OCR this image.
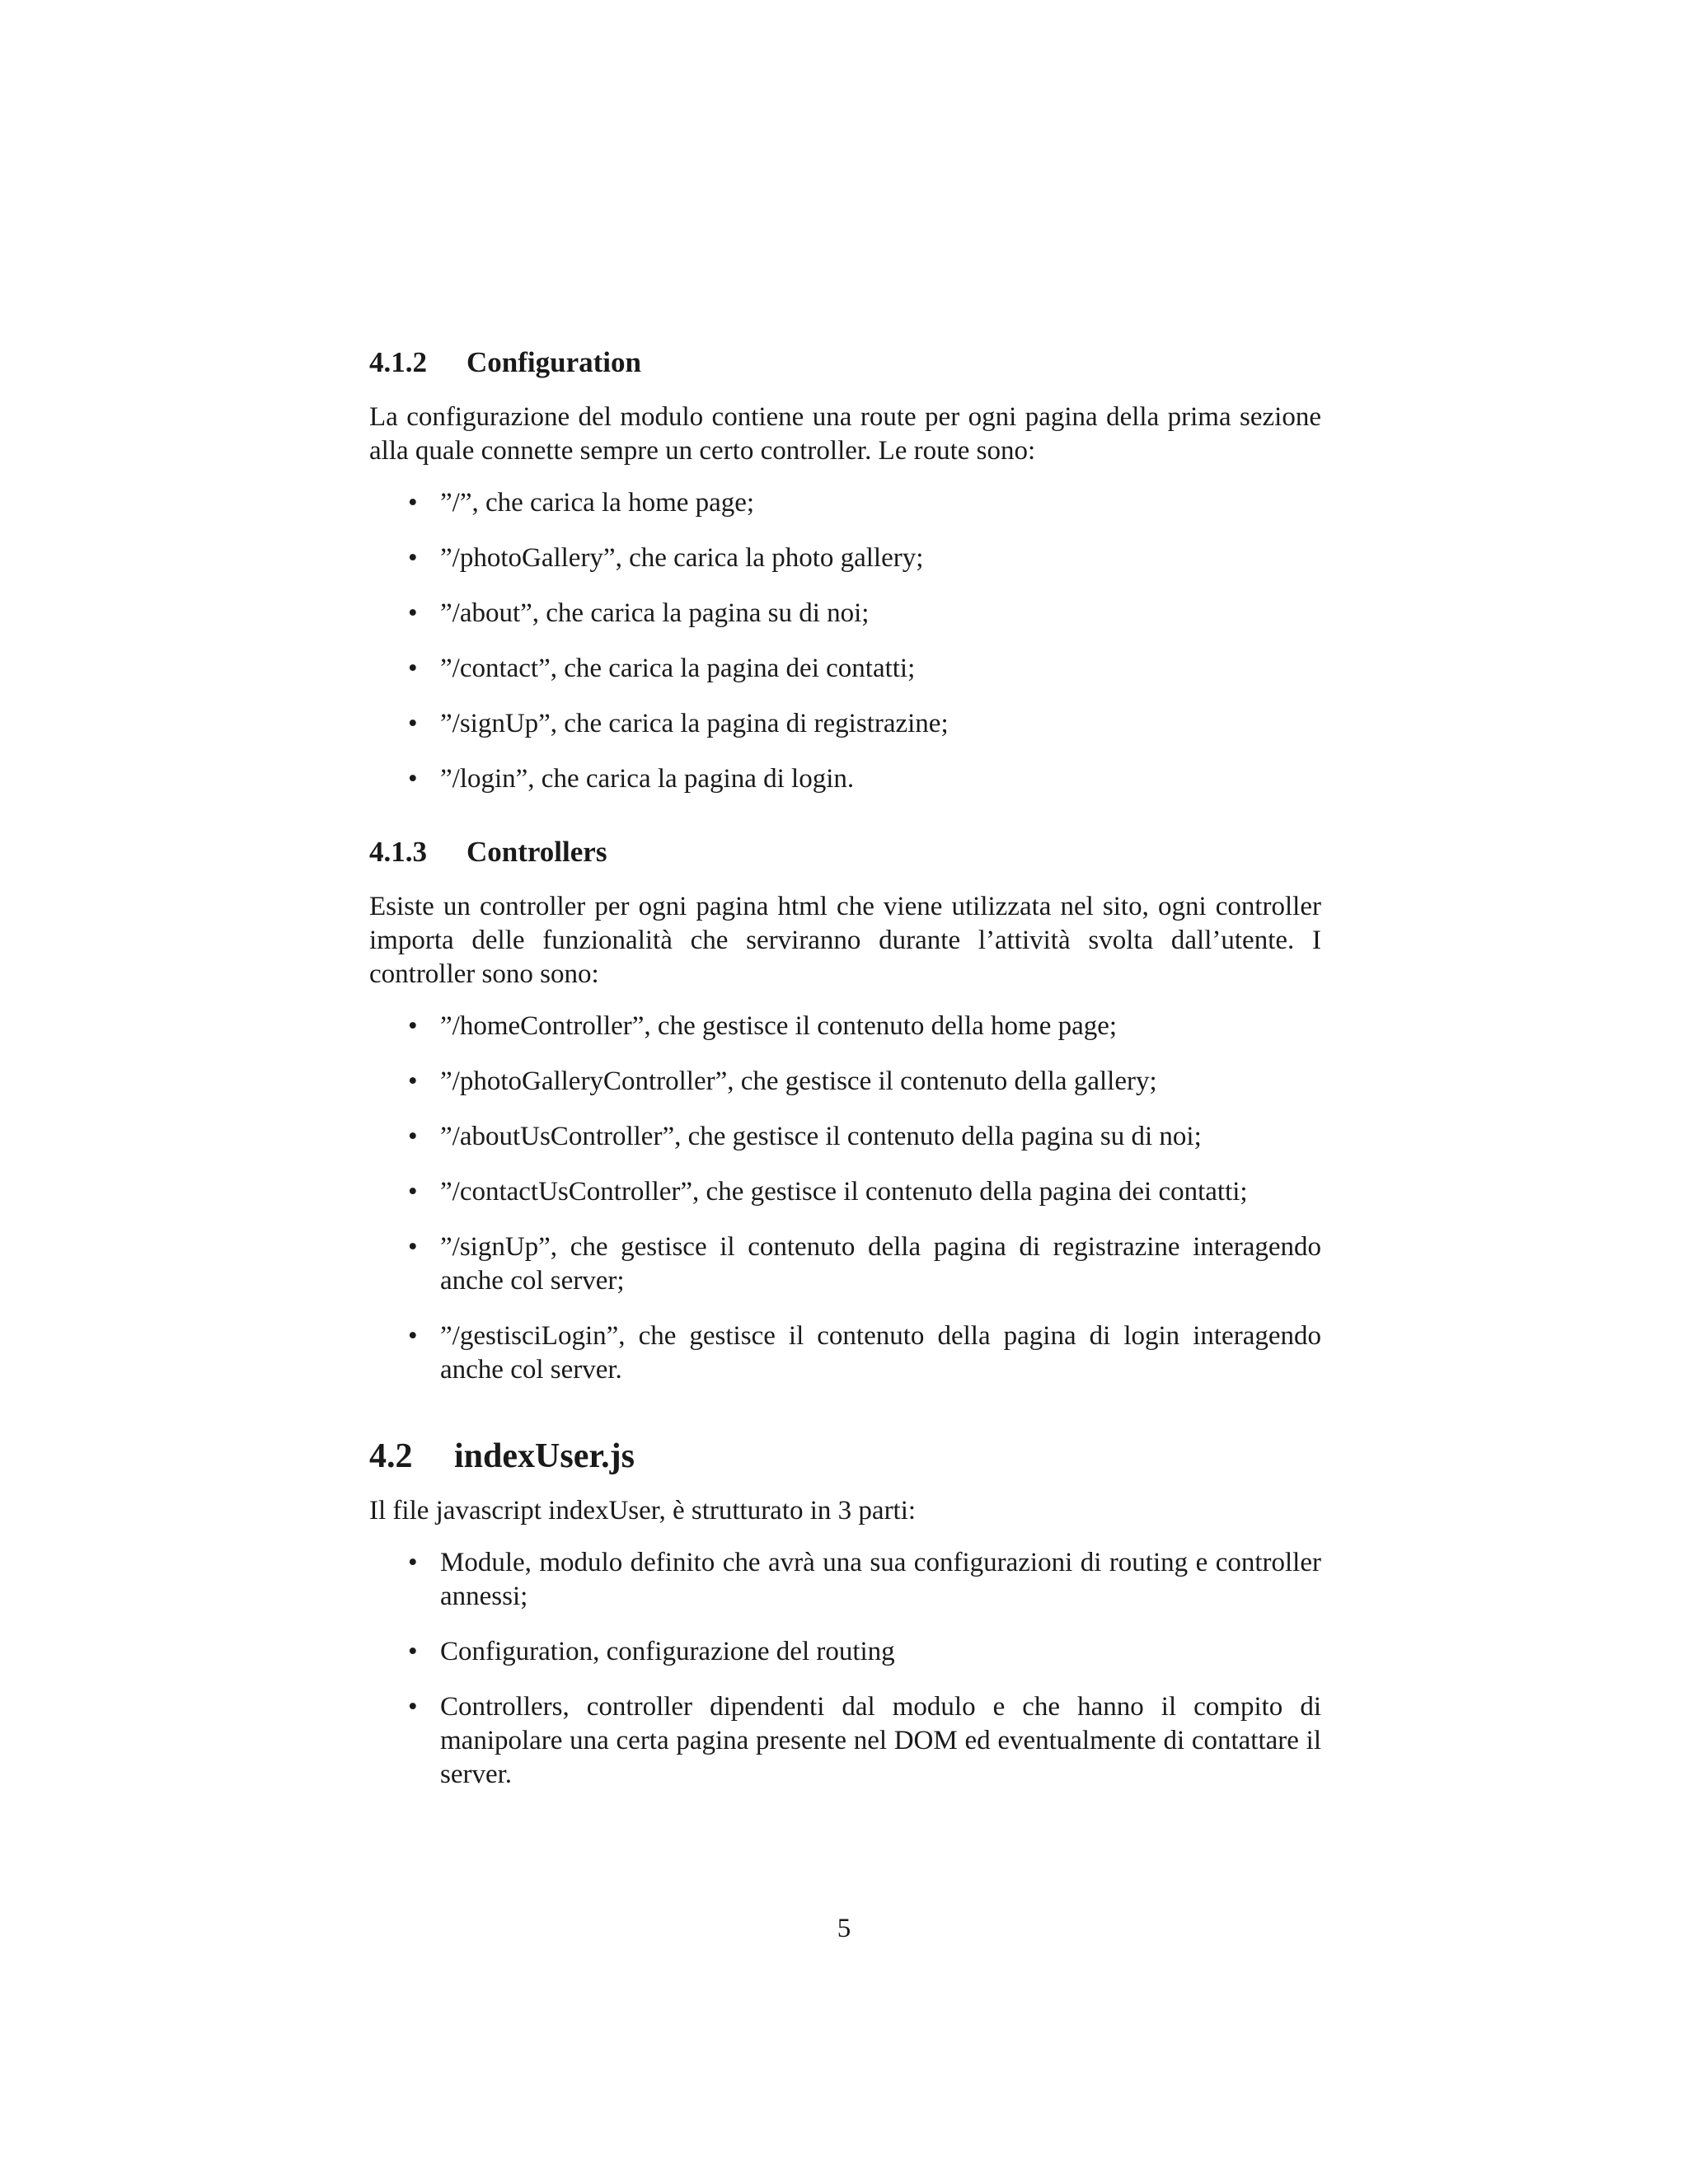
4.1.2 Configuration

La configurazione del modulo contiene una route per ogni pagina della prima sezione alla quale connette sempre un certo controller. Le route sono:

• ”/”, che carica la home page;
• ”/photoGallery”, che carica la photo gallery;
• ”/about”, che carica la pagina su di noi;
• ”/contact”, che carica la pagina dei contatti;
• ”/signUp”, che carica la pagina di registrazine;
• ”/login”, che carica la pagina di login.
4.1.3 Controllers

Esiste un controller per ogni pagina html che viene utilizzata nel sito, ogni controller importa delle funzionalità che serviranno durante l’attività svolta dall’utente. I controller sono sono:

• ”/homeController”, che gestisce il contenuto della home page;
• ”/photoGalleryController”, che gestisce il contenuto della gallery;
• ”/aboutUsController”, che gestisce il contenuto della pagina su di noi;
• ”/contactUsController”, che gestisce il contenuto della pagina dei contatti;
• ”/signUp”, che gestisce il contenuto della pagina di registrazine interagendo anche col server;
• ”/gestisciLogin”, che gestisce il contenuto della pagina di login interagendo anche col server.
4.2 indexUser.js

Il file javascript indexUser, è strutturato in 3 parti:

• Module, modulo definito che avrà una sua configurazioni di routing e controller annessi;
• Configuration, configurazione del routing
• Controllers, controller dipendenti dal modulo e che hanno il compito di manipolare una certa pagina presente nel DOM ed eventualmente di contattare il server.
5
